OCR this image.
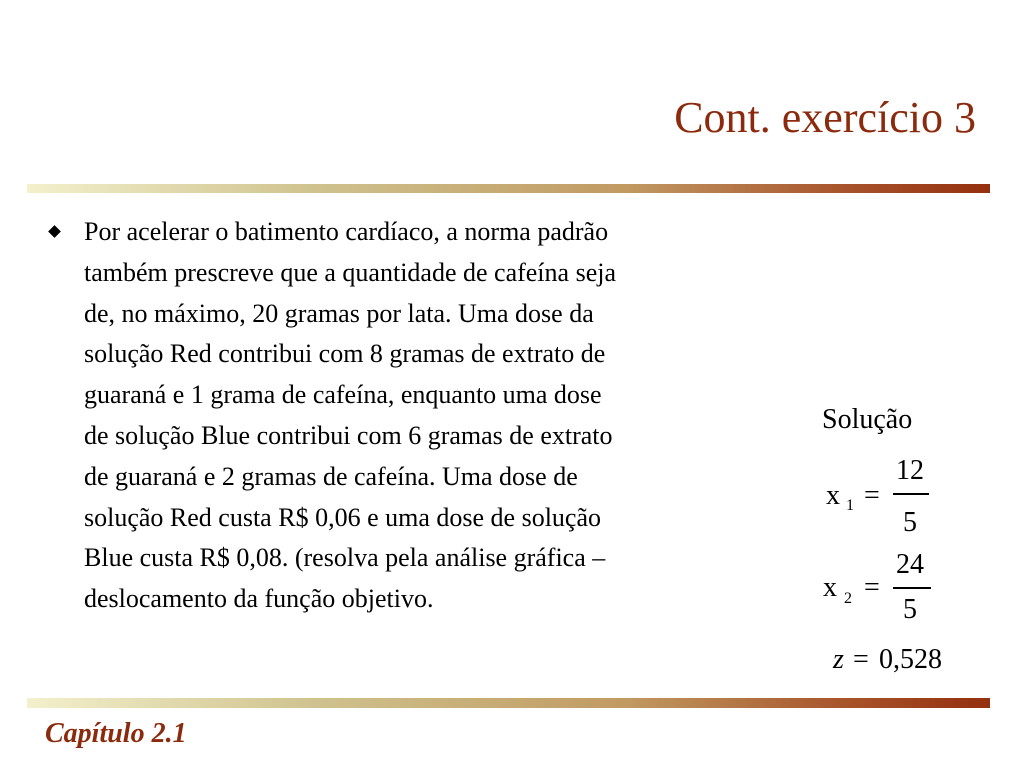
Cont. exercício 3
Por acelerar o batimento cardíaco, a norma padrão
também prescreve que a quantidade de cafeína seja
de, no máximo, 20 gramas por lata. Uma dose da
solução Red contribui com 8 gramas de extrato de
guaraná e 1 grama de cafeína, enquanto uma dose
de solução Blue contribui com 6 gramas de extrato
de guaraná e 2 gramas de cafeína. Uma dose de
solução Red custa R$ 0,06 e uma dose de solução
Blue custa R$ 0,08. (resolva pela análise gráfica –
deslocamento da função objetivo.
Solução
x 1 =
12
5
x 2 =
24
5
z = 0,528
Capítulo 2.1
